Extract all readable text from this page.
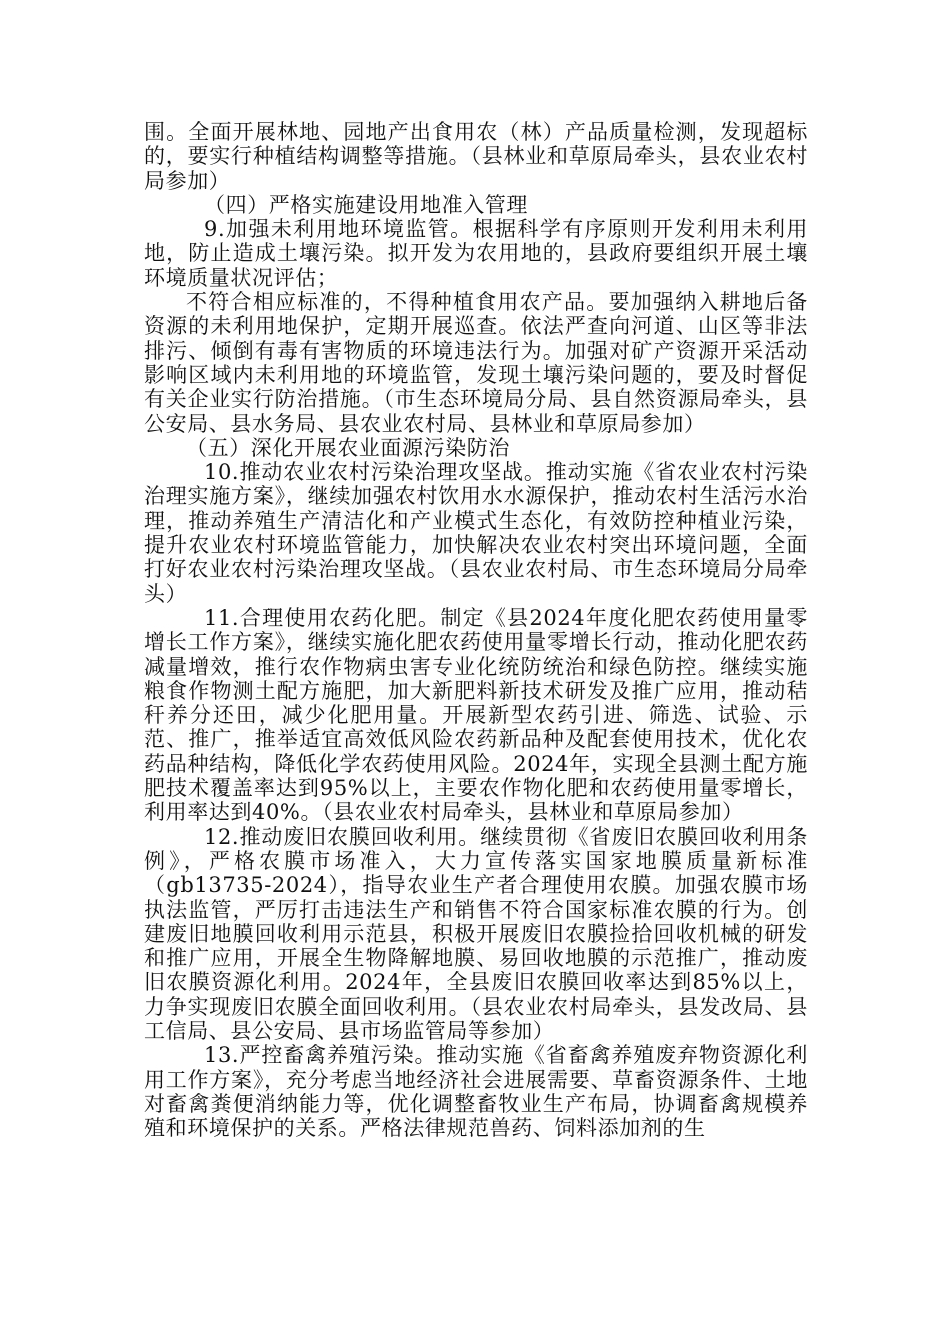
围。全面开展林地、园地产出食用农（林）产品质量检测，发现超标的，要实行种植结构调整等措施。（县林业和草原局牵头，县农业农村局参加）

（四）严格实施建设用地准入管理

9.加强未利用地环境监管。根据科学有序原则开发利用未利用地，防止造成土壤污染。拟开发为农用地的，县政府要组织开展土壤环境质量状况评估；

不符合相应标准的，不得种植食用农产品。要加强纳入耕地后备资源的未利用地保护，定期开展巡查。依法严查向河道、山区等非法排污、倾倒有毒有害物质的环境违法行为。加强对矿产资源开采活动影响区域内未利用地的环境监管，发现土壤污染问题的，要及时督促有关企业实行防治措施。（市生态环境局分局、县自然资源局牵头，县公安局、县水务局、县农业农村局、县林业和草原局参加）

（五）深化开展农业面源污染防治

10.推动农业农村污染治理攻坚战。推动实施《省农业农村污染治理实施方案》，继续加强农村饮用水水源保护，推动农村生活污水治理，推动养殖生产清洁化和产业模式生态化，有效防控种植业污染，提升农业农村环境监管能力，加快解决农业农村突出环境问题，全面打好农业农村污染治理攻坚战。（县农业农村局、市生态环境局分局牵头）

11.合理使用农药化肥。制定《县2024年度化肥农药使用量零增长工作方案》，继续实施化肥农药使用量零增长行动，推动化肥农药减量增效，推行农作物病虫害专业化统防统治和绿色防控。继续实施粮食作物测土配方施肥，加大新肥料新技术研发及推广应用，推动秸秆养分还田，减少化肥用量。开展新型农药引进、筛选、试验、示范、推广，推举适宜高效低风险农药新品种及配套使用技术，优化农药品种结构，降低化学农药使用风险。2024年，实现全县测土配方施肥技术覆盖率达到95%以上，主要农作物化肥和农药使用量零增长，利用率达到40%。（县农业农村局牵头，县林业和草原局参加）

12.推动废旧农膜回收利用。继续贯彻《省废旧农膜回收利用条例》，严格农膜市场准入，大力宣传落实国家地膜质量新标准（gb13735-2024），指导农业生产者合理使用农膜。加强农膜市场执法监管，严厉打击违法生产和销售不符合国家标准农膜的行为。创建废旧地膜回收利用示范县，积极开展废旧农膜捡拾回收机械的研发和推广应用，开展全生物降解地膜、易回收地膜的示范推广，推动废旧农膜资源化利用。2024年，全县废旧农膜回收率达到85%以上，力争实现废旧农膜全面回收利用。（县农业农村局牵头，县发改局、县工信局、县公安局、县市场监管局等参加）

13.严控畜禽养殖污染。推动实施《省畜禽养殖废弃物资源化利用工作方案》，充分考虑当地经济社会进展需要、草畜资源条件、土地对畜禽粪便消纳能力等，优化调整畜牧业生产布局，协调畜禽规模养殖和环境保护的关系。严格法律规范兽药、饲料添加剂的生
